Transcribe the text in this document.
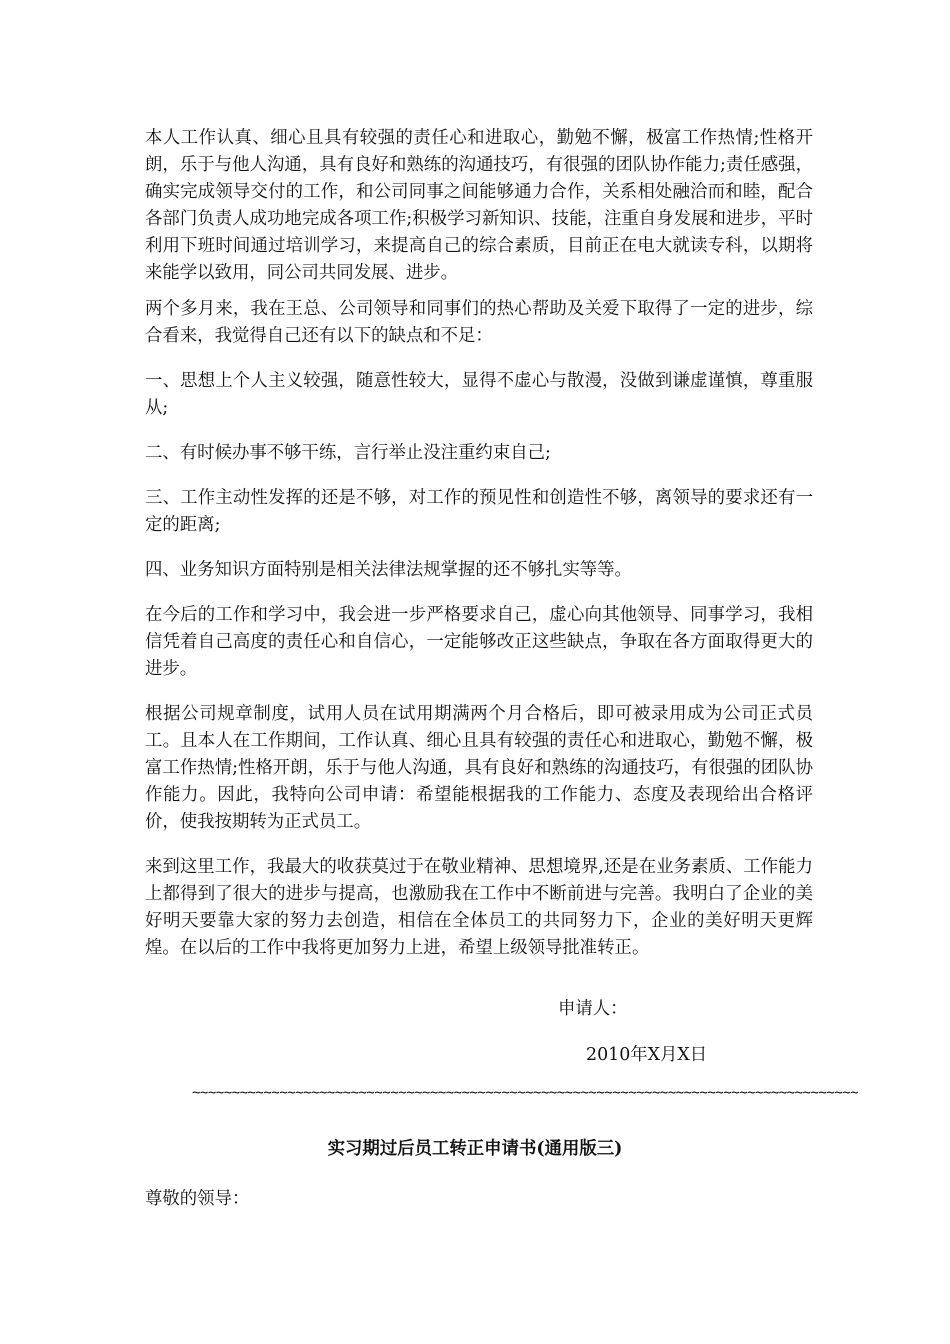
本人工作认真、细心且具有较强的责任心和进取心，勤勉不懈，极富工作热情;性格开朗，乐于与他人沟通，具有良好和熟练的沟通技巧，有很强的团队协作能力;责任感强，确实完成领导交付的工作，和公司同事之间能够通力合作，关系相处融洽而和睦，配合各部门负责人成功地完成各项工作;积极学习新知识、技能，注重自身发展和进步，平时利用下班时间通过培训学习，来提高自己的综合素质，目前正在电大就读专科，以期将来能学以致用，同公司共同发展、进步。

两个多月来，我在王总、公司领导和同事们的热心帮助及关爱下取得了一定的进步，综合看来，我觉得自己还有以下的缺点和不足：

一、思想上个人主义较强，随意性较大，显得不虚心与散漫，没做到谦虚谨慎，尊重服从;

二、有时候办事不够干练，言行举止没注重约束自己;

三、工作主动性发挥的还是不够，对工作的预见性和创造性不够，离领导的要求还有一定的距离;

四、业务知识方面特别是相关法律法规掌握的还不够扎实等等。

在今后的工作和学习中，我会进一步严格要求自己，虚心向其他领导、同事学习，我相信凭着自己高度的责任心和自信心，一定能够改正这些缺点，争取在各方面取得更大的进步。

根据公司规章制度，试用人员在试用期满两个月合格后，即可被录用成为公司正式员工。且本人在工作期间，工作认真、细心且具有较强的责任心和进取心，勤勉不懈，极富工作热情;性格开朗，乐于与他人沟通，具有良好和熟练的沟通技巧，有很强的团队协作能力。因此，我特向公司申请：希望能根据我的工作能力、态度及表现给出合格评价，使我按期转为正式员工。

来到这里工作，我最大的收获莫过于在敬业精神、思想境界,还是在业务素质、工作能力上都得到了很大的进步与提高，也激励我在工作中不断前进与完善。我明白了企业的美好明天要靠大家的努力去创造，相信在全体员工的共同努力下，企业的美好明天更辉煌。在以后的工作中我将更加努力上进，希望上级领导批准转正。

申请人：
2010年X月X日
~~~~~~~~~~~~~~~~~~~~~~~~~~~~~~~~~~~~~~~~~~~~~~~~~~~~~~~~~~~~~~~~~~~~~~~~~~~~~~~~~~~~
实习期过后员工转正申请书(通用版三)
尊敬的领导：
